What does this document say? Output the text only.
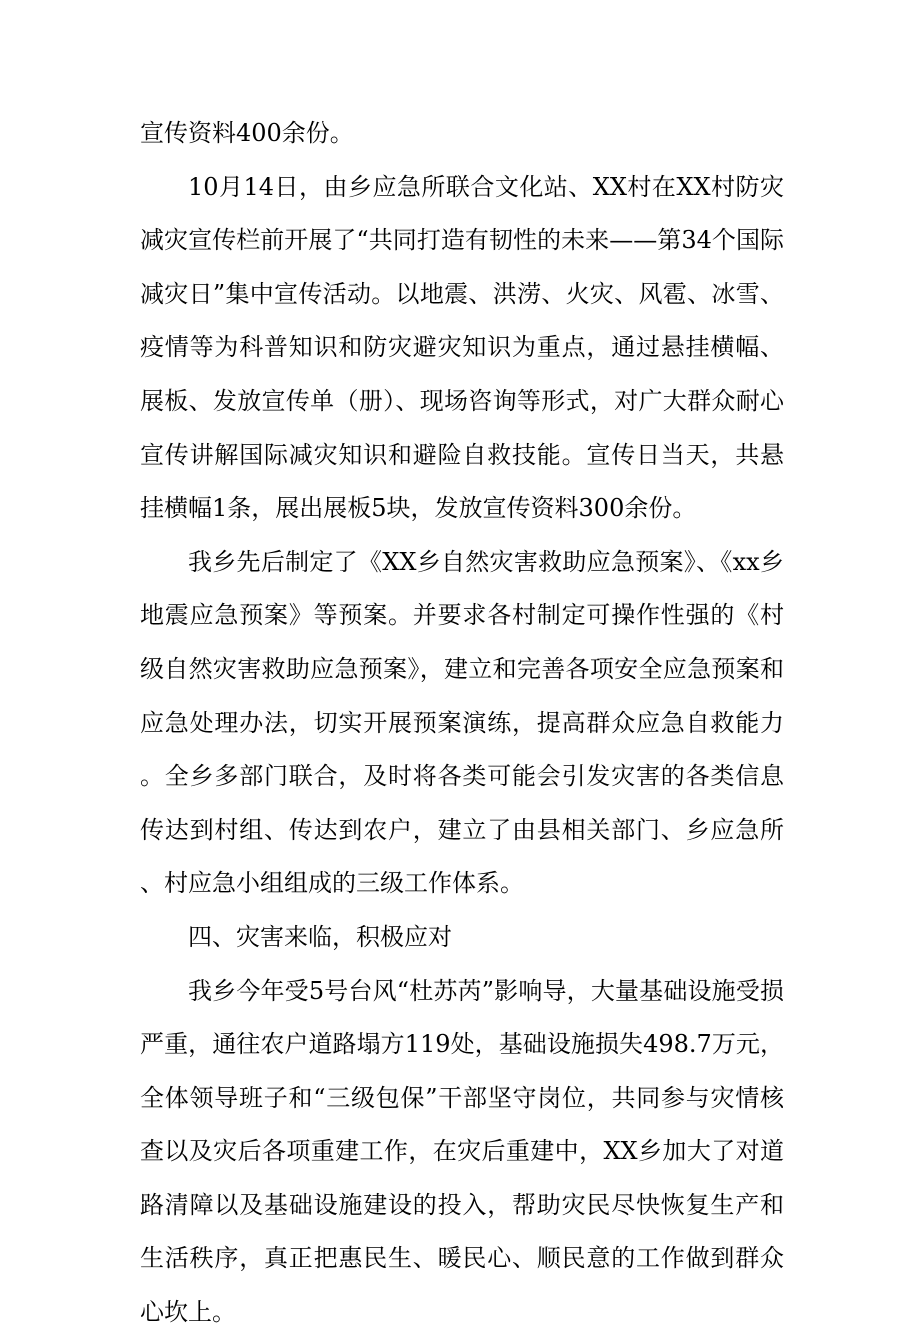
宣传资料400余份。

10月14日，由乡应急所联合文化站、XX村在XX村防灾减灾宣传栏前开展了“共同打造有韧性的未来——第34个国际减灾日”集中宣传活动。以地震、洪涝、火灾、风雹、冰雪、疫情等为科普知识和防灾避灾知识为重点，通过悬挂横幅、展板、发放宣传单（册）、现场咨询等形式，对广大群众耐心宣传讲解国际减灾知识和避险自救技能。宣传日当天，共悬挂横幅1条，展出展板5块，发放宣传资料300余份。

我乡先后制定了《XX乡自然灾害救助应急预案》、《xx乡地震应急预案》等预案。并要求各村制定可操作性强的《村级自然灾害救助应急预案》，建立和完善各项安全应急预案和应急处理办法，切实开展预案演练，提高群众应急自救能力。全乡多部门联合，及时将各类可能会引发灾害的各类信息传达到村组、传达到农户，建立了由县相关部门、乡应急所、村应急小组组成的三级工作体系。

四、灾害来临，积极应对

我乡今年受5号台风“杜苏芮”影响导，大量基础设施受损严重，通往农户道路塌方119处，基础设施损失498.7万元，全体领导班子和“三级包保”干部坚守岗位，共同参与灾情核查以及灾后各项重建工作，在灾后重建中，XX乡加大了对道路清障以及基础设施建设的投入，帮助灾民尽快恢复生产和生活秩序，真正把惠民生、暖民心、顺民意的工作做到群众心坎上。
